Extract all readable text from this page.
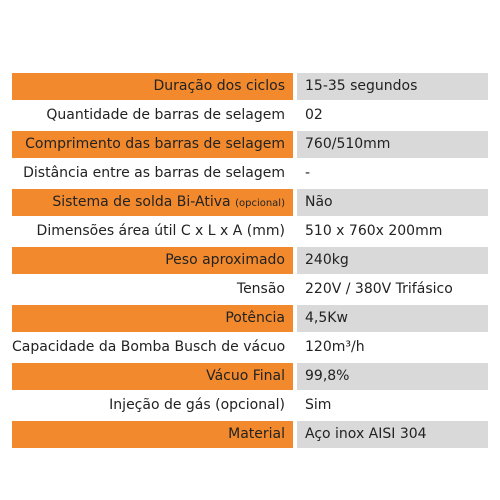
Duração dos ciclos	15-35 segundos
Quantidade de barras de selagem	02
Comprimento das barras de selagem	760/510mm
Distância entre as barras de selagem	-
Sistema de solda Bi-Ativa (opcional)	Não
Dimensões área útil C x L x A (mm)	510 x 760x 200mm
Peso aproximado	240kg
Tensão	220V / 380V Trifásico
Potência	4,5Kw
Capacidade da Bomba Busch de vácuo	120m³/h
Vácuo Final	99,8%
Injeção de gás (opcional)	Sim
Material	Aço inox AISI 304
